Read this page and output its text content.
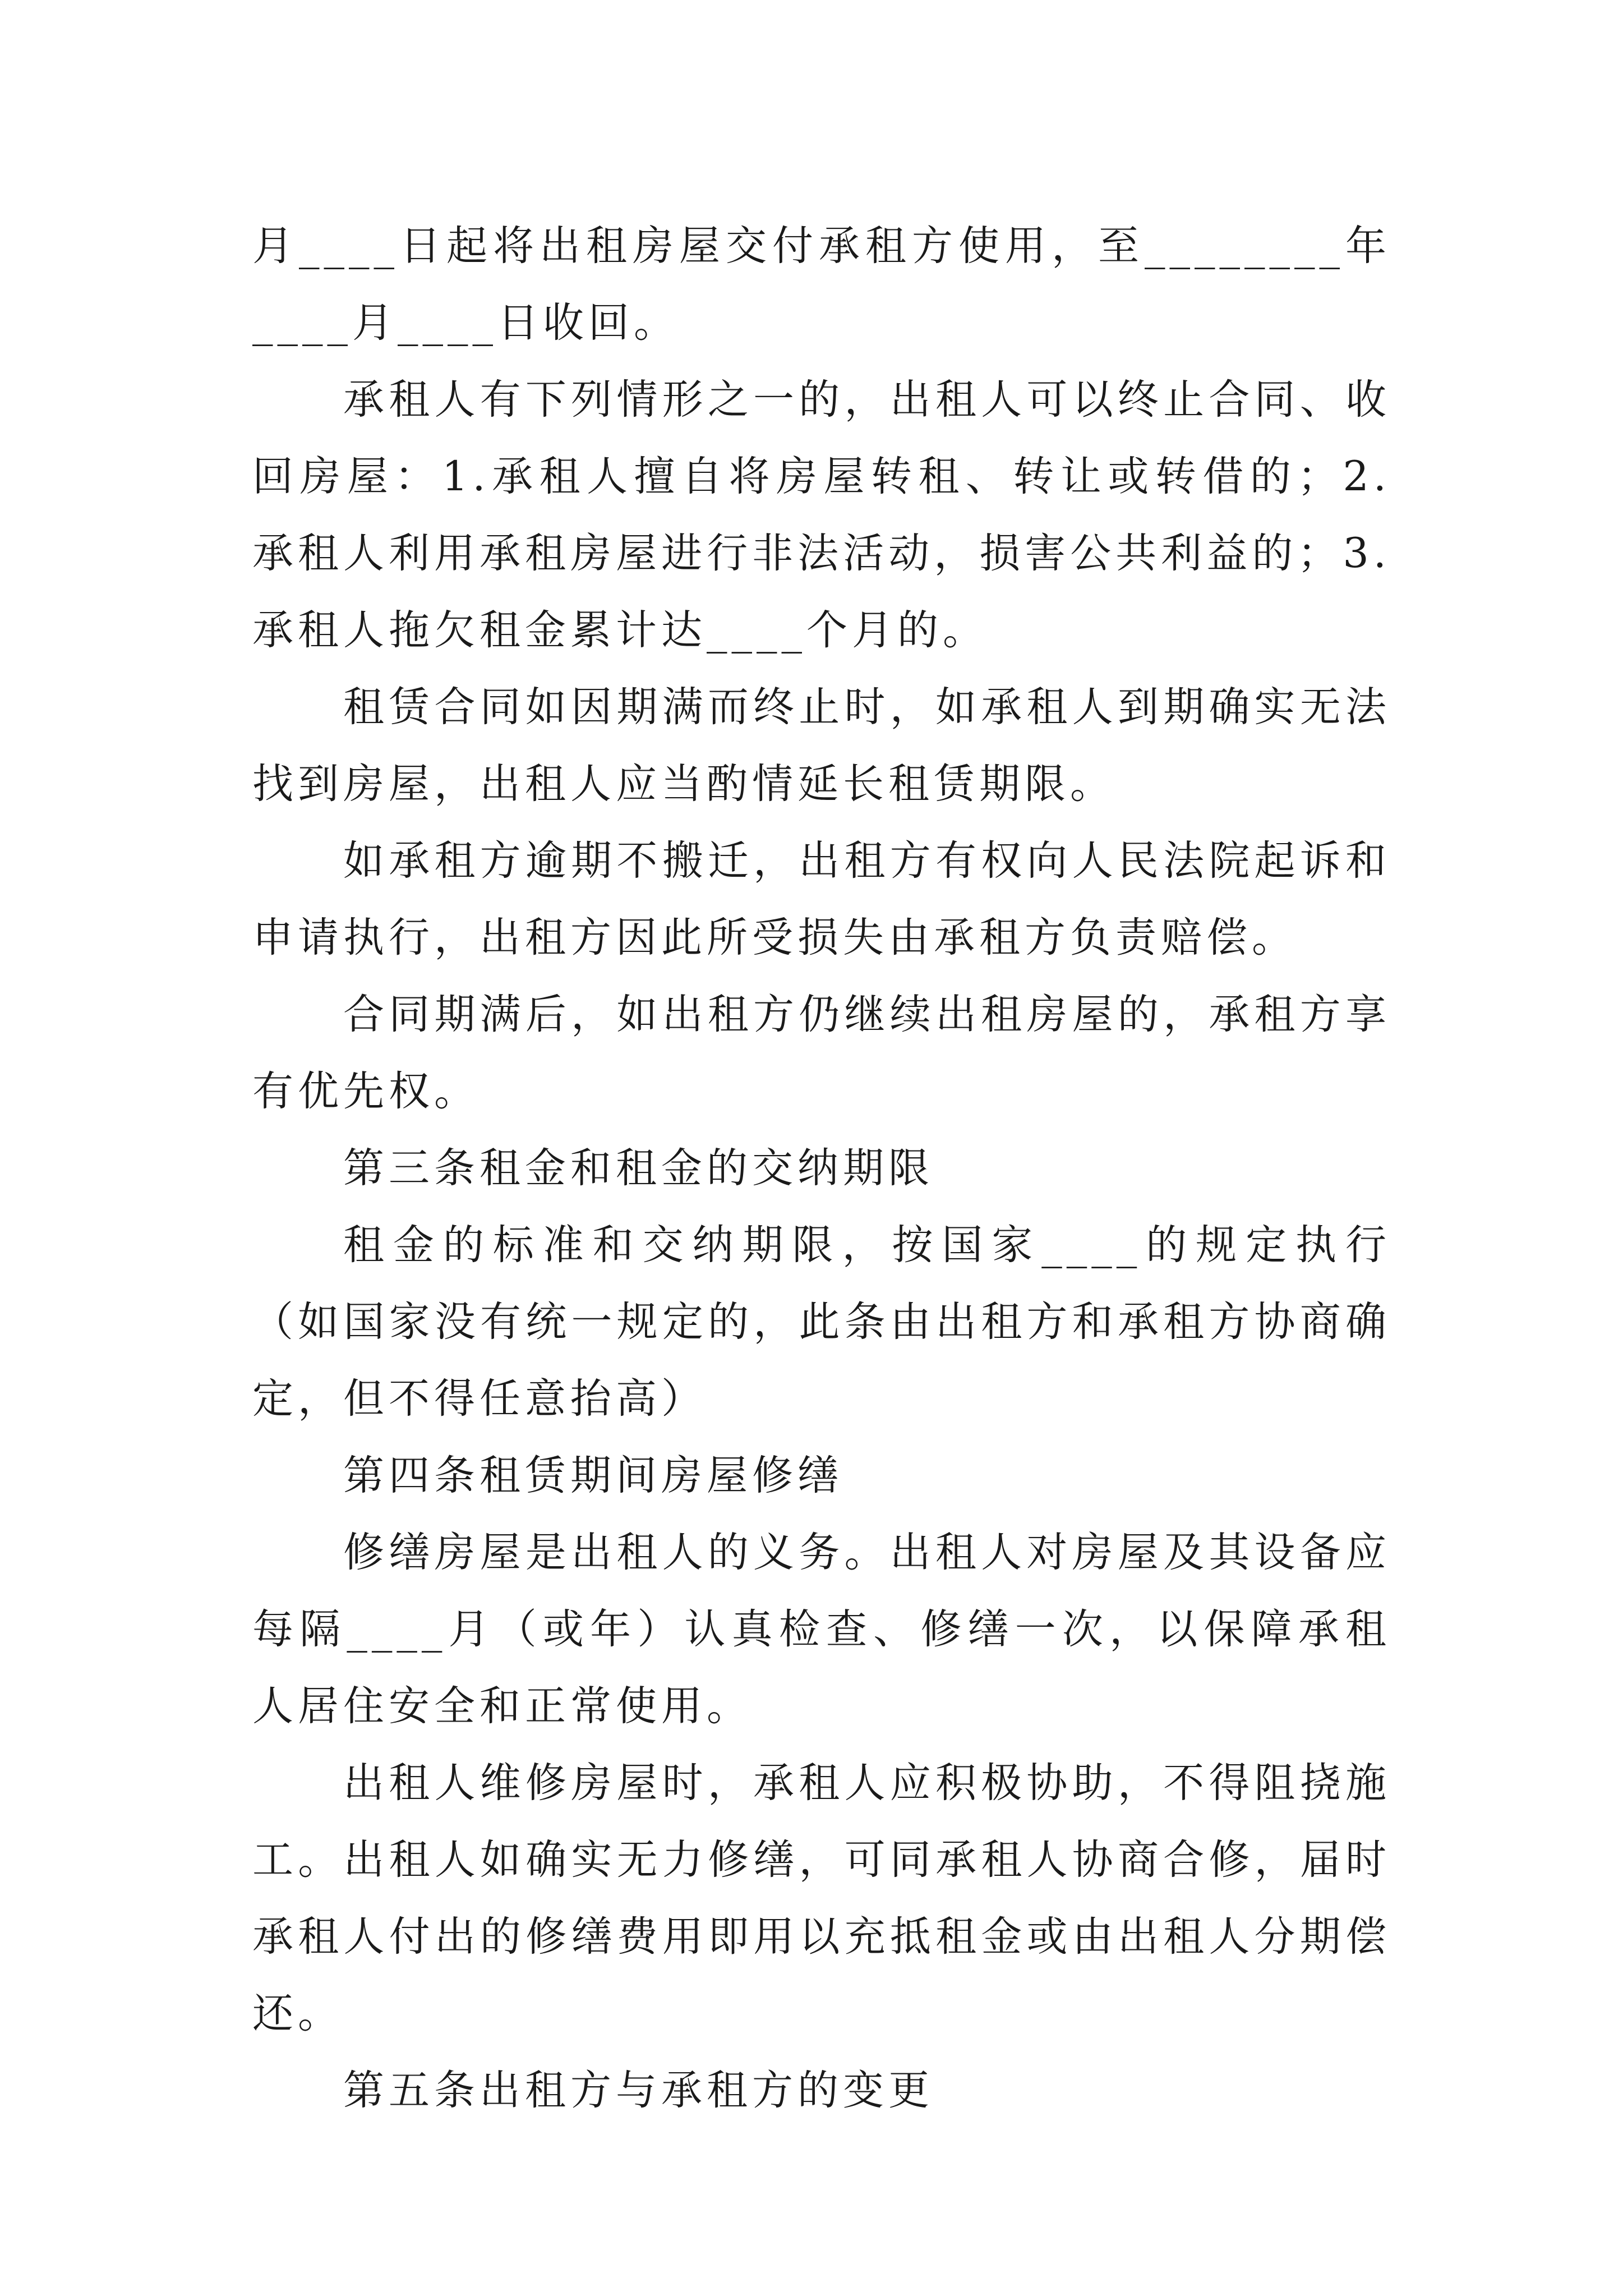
月____日起将出租房屋交付承租方使用，至________年____月____日收回。

承租人有下列情形之一的，出租人可以终止合同、收回房屋：1.承租人擅自将房屋转租、转让或转借的；2.承租人利用承租房屋进行非法活动，损害公共利益的；3.承租人拖欠租金累计达____个月的。

租赁合同如因期满而终止时，如承租人到期确实无法找到房屋，出租人应当酌情延长租赁期限。

如承租方逾期不搬迁，出租方有权向人民法院起诉和申请执行，出租方因此所受损失由承租方负责赔偿。

合同期满后，如出租方仍继续出租房屋的，承租方享有优先权。

第三条租金和租金的交纳期限

租金的标准和交纳期限，按国家____的规定执行（如国家没有统一规定的，此条由出租方和承租方协商确定，但不得任意抬高）

第四条租赁期间房屋修缮

修缮房屋是出租人的义务。出租人对房屋及其设备应每隔____月（或年）认真检查、修缮一次，以保障承租人居住安全和正常使用。

出租人维修房屋时，承租人应积极协助，不得阻挠施工。出租人如确实无力修缮，可同承租人协商合修，届时承租人付出的修缮费用即用以充抵租金或由出租人分期偿还。

第五条出租方与承租方的变更
